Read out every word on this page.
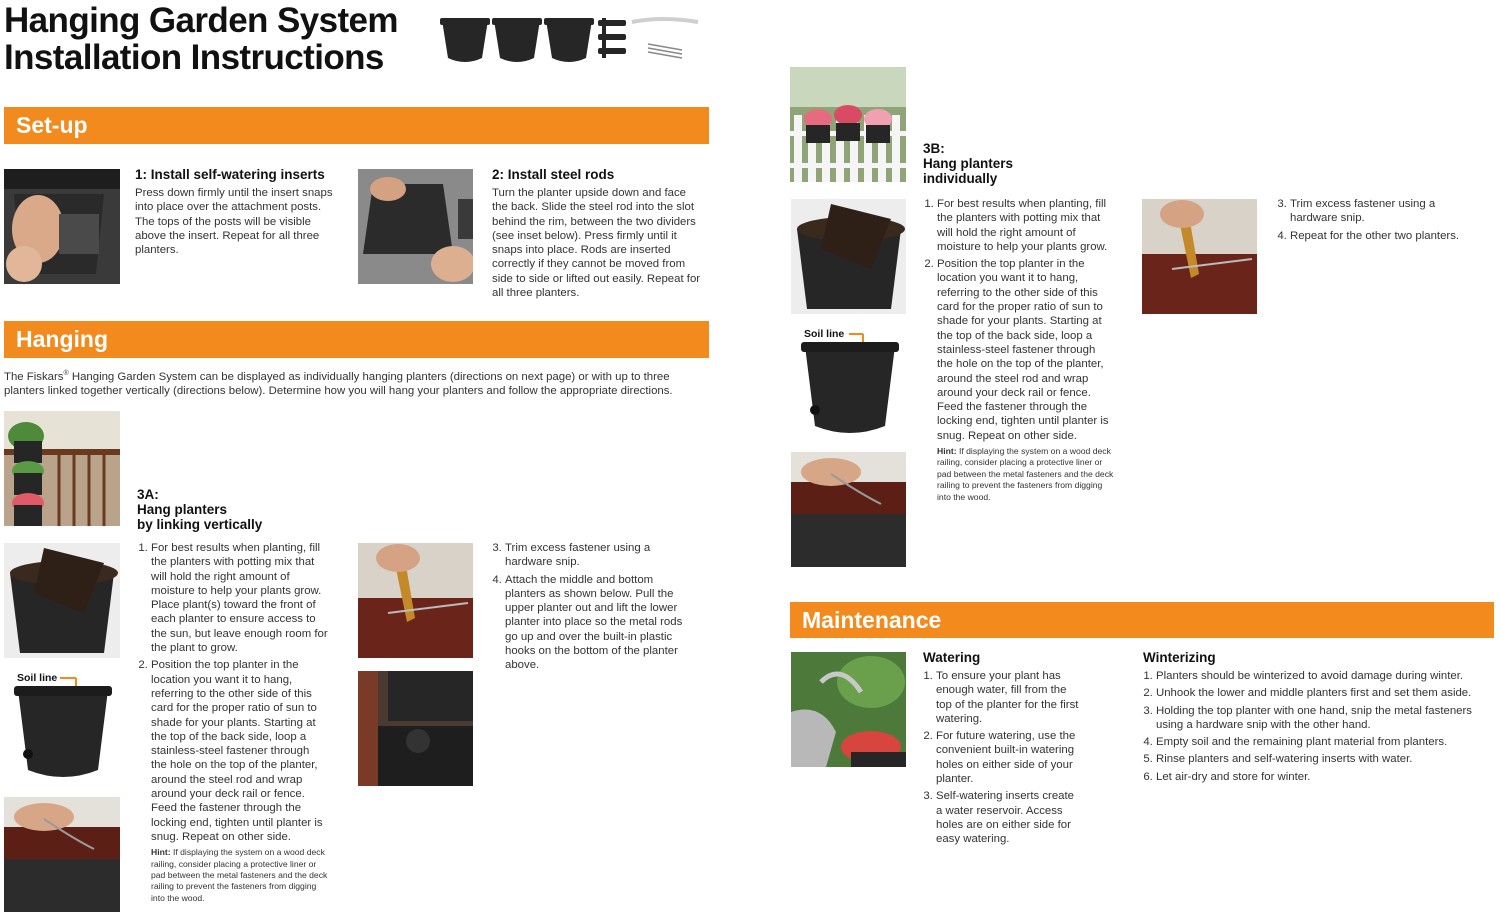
Hanging Garden System
Installation Instructions
Set-up
1: Install self-watering inserts
Press down firmly until the insert snaps into place over the attachment posts. The tops of the posts will be visible above the insert. Repeat for all three planters.
2: Install steel rods
Turn the planter upside down and face the back. Slide the steel rod into the slot behind the rim, between the two dividers (see inset below). Press firmly until it snaps into place. Rods are inserted correctly if they cannot be moved from side to side or lifted out easily. Repeat for all three planters.
Hanging
The Fiskars® Hanging Garden System can be displayed as individually hanging planters (directions on next page) or with up to three planters linked together vertically (directions below). Determine how you will hang your planters and follow the appropriate directions.
3A:
Hang planters
by linking vertically
Soil line
1. For best results when planting, fill the planters with potting mix that will hold the right amount of moisture to help your plants grow. Place plant(s) toward the front of each planter to ensure access to the sun, but leave enough room for the plant to grow.
2. Position the top planter in the location you want it to hang, referring to the other side of this card for the proper ratio of sun to shade for your plants. Starting at the top of the back side, loop a stainless-steel fastener through the hole on the top of the planter, around the steel rod and wrap around your deck rail or fence. Feed the fastener through the locking end, tighten until planter is snug. Repeat on other side.
Hint: If displaying the system on a wood deck railing, consider placing a protective liner or pad between the metal fasteners and the deck railing to prevent the fasteners from digging into the wood.
3. Trim excess fastener using a hardware snip.
4. Attach the middle and bottom planters as shown below. Pull the upper planter out and lift the lower planter into place so the metal rods go up and over the built-in plastic hooks on the bottom of the planter above.
3B:
Hang planters
individually
Soil line
1. For best results when planting, fill the planters with potting mix that will hold the right amount of moisture to help your plants grow.
2. Position the top planter in the location you want it to hang, referring to the other side of this card for the proper ratio of sun to shade for your plants. Starting at the top of the back side, loop a stainless-steel fastener through the hole on the top of the planter, around the steel rod and wrap around your deck rail or fence. Feed the fastener through the locking end, tighten until planter is snug. Repeat on other side.
Hint: If displaying the system on a wood deck railing, consider placing a protective liner or pad between the metal fasteners and the deck railing to prevent the fasteners from digging into the wood.
3. Trim excess fastener using a hardware snip.
4. Repeat for the other two planters.
Maintenance
Watering
1. To ensure your plant has enough water, fill from the top of the planter for the first watering.
2. For future watering, use the convenient built-in watering holes on either side of your planter.
3. Self-watering inserts create a water reservoir. Access holes are on either side for easy watering.
Winterizing
1. Planters should be winterized to avoid damage during winter.
2. Unhook the lower and middle planters first and set them aside.
3. Holding the top planter with one hand, snip the metal fasteners using a hardware snip with the other hand.
4. Empty soil and the remaining plant material from planters.
5. Rinse planters and self-watering inserts with water.
6. Let air-dry and store for winter.
